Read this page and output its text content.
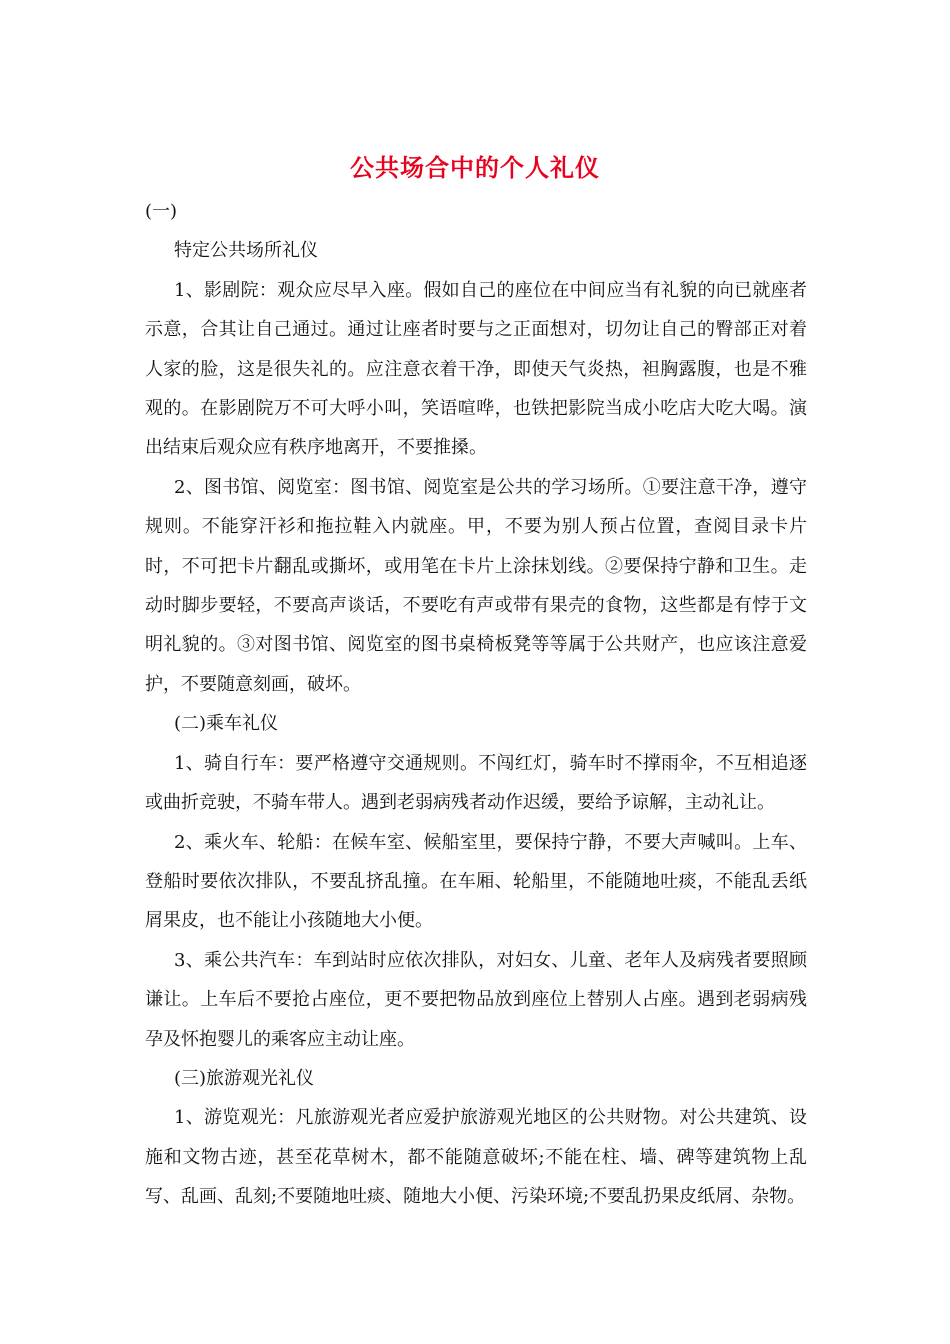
公共场合中的个人礼仪

(一)

特定公共场所礼仪

1、影剧院：观众应尽早入座。假如自己的座位在中间应当有礼貌的向已就座者示意，合其让自己通过。通过让座者时要与之正面想对，切勿让自己的臀部正对着人家的脸，这是很失礼的。应注意衣着干净，即使天气炎热，袒胸露腹，也是不雅观的。在影剧院万不可大呼小叫，笑语喧哗，也铁把影院当成小吃店大吃大喝。演出结束后观众应有秩序地离开，不要推搡。

2、图书馆、阅览室：图书馆、阅览室是公共的学习场所。①要注意干净，遵守规则。不能穿汗衫和拖拉鞋入内就座。甲，不要为别人预占位置，查阅目录卡片时，不可把卡片翻乱或撕坏，或用笔在卡片上涂抹划线。②要保持宁静和卫生。走动时脚步要轻，不要高声谈话，不要吃有声或带有果壳的食物，这些都是有悖于文明礼貌的。③对图书馆、阅览室的图书桌椅板凳等等属于公共财产，也应该注意爱护，不要随意刻画，破坏。

(二)乘车礼仪

1、骑自行车：要严格遵守交通规则。不闯红灯，骑车时不撑雨伞，不互相追逐或曲折竞驶，不骑车带人。遇到老弱病残者动作迟缓，要给予谅解，主动礼让。

2、乘火车、轮船：在候车室、候船室里，要保持宁静，不要大声喊叫。上车、登船时要依次排队，不要乱挤乱撞。在车厢、轮船里，不能随地吐痰，不能乱丢纸屑果皮，也不能让小孩随地大小便。

3、乘公共汽车：车到站时应依次排队，对妇女、儿童、老年人及病残者要照顾谦让。上车后不要抢占座位，更不要把物品放到座位上替别人占座。遇到老弱病残孕及怀抱婴儿的乘客应主动让座。

(三)旅游观光礼仪

1、游览观光：凡旅游观光者应爱护旅游观光地区的公共财物。对公共建筑、设施和文物古迹，甚至花草树木，都不能随意破坏;不能在柱、墙、碑等建筑物上乱写、乱画、乱刻;不要随地吐痰、随地大小便、污染环境;不要乱扔果皮纸屑、杂物。
